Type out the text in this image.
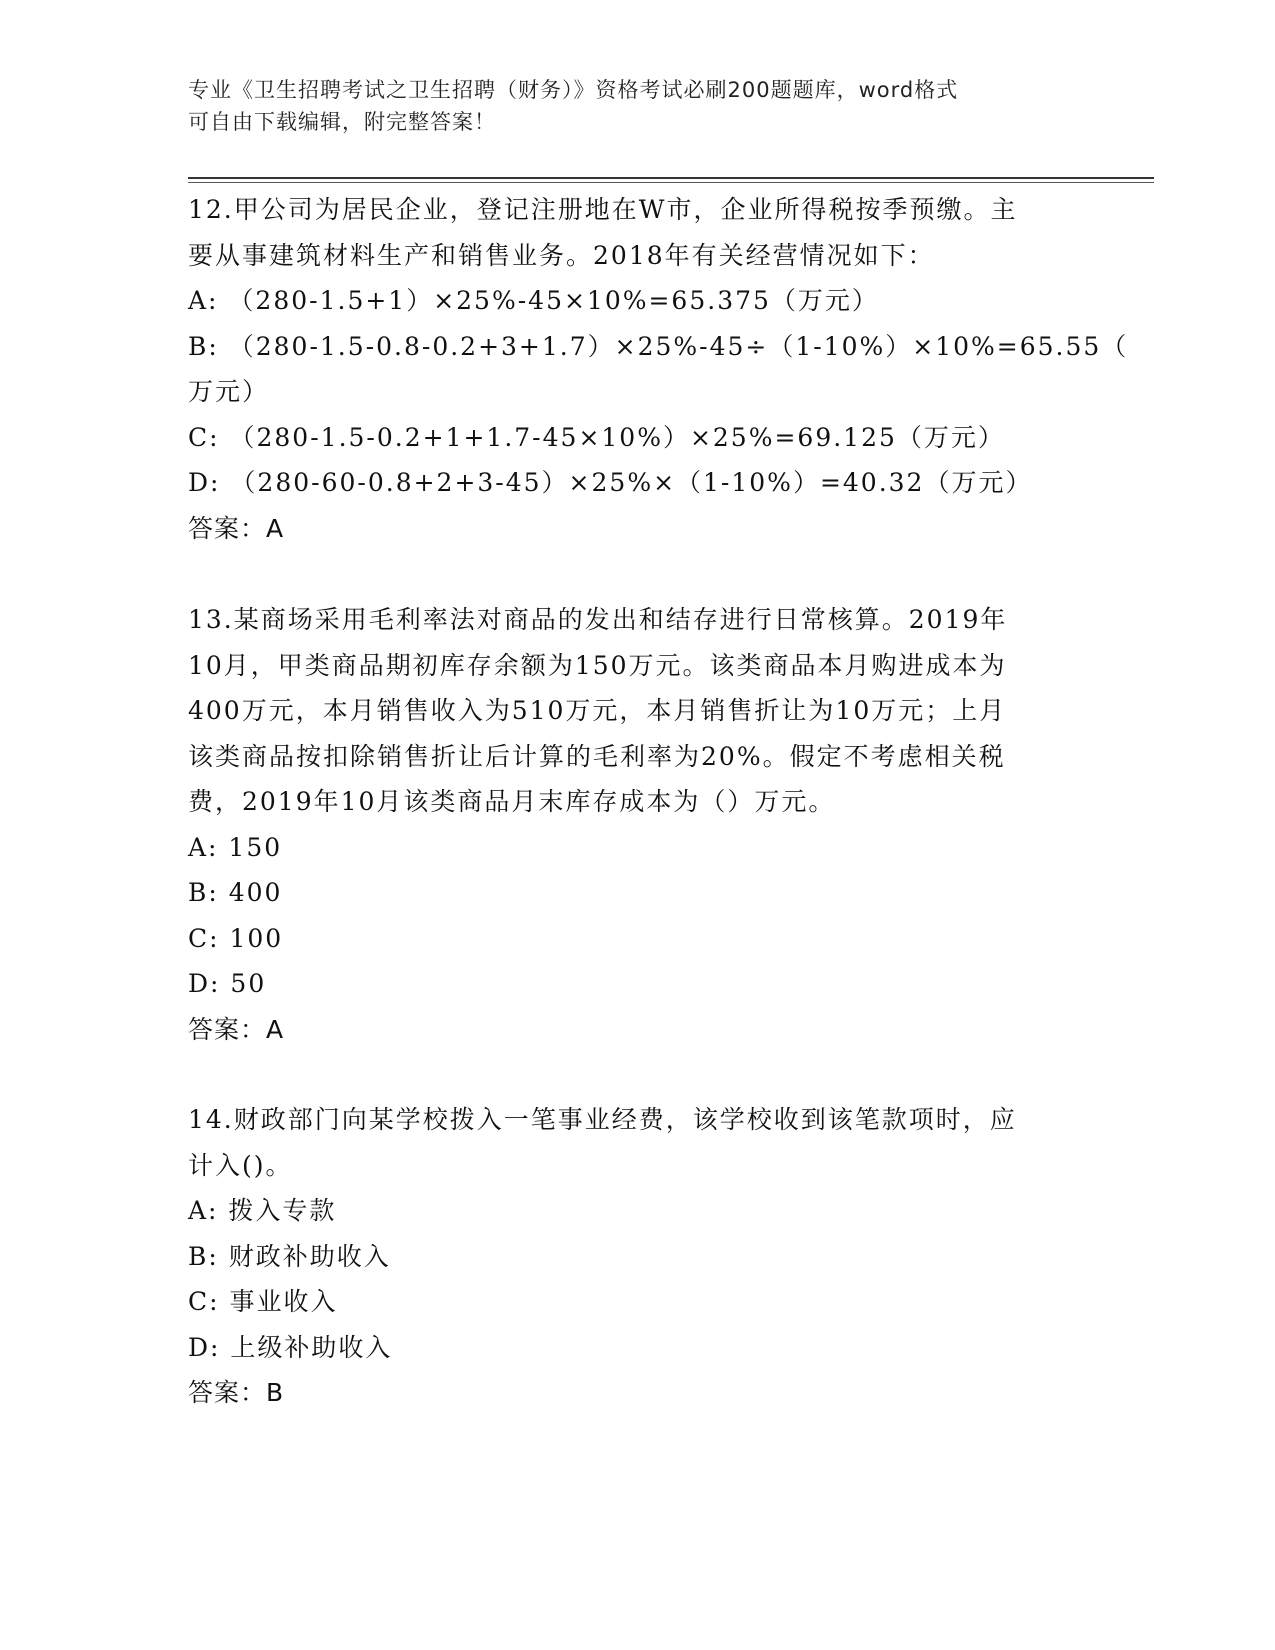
专业《卫生招聘考试之卫生招聘（财务）》资格考试必刷200题题库，word格式
可自由下载编辑，附完整答案！
12.甲公司为居民企业，登记注册地在W市，企业所得税按季预缴。主
要从事建筑材料生产和销售业务。2018年有关经营情况如下：
A: （280-1.5+1）×25%-45×10%=65.375（万元）
B: （280-1.5-0.8-0.2+3+1.7）×25%-45÷（1-10%）×10%=65.55（
万元）
C: （280-1.5-0.2+1+1.7-45×10%）×25%=69.125（万元）
D: （280-60-0.8+2+3-45）×25%×（1-10%）=40.32（万元）
答案：A
13.某商场采用毛利率法对商品的发出和结存进行日常核算。2019年
10月，甲类商品期初库存余额为150万元。该类商品本月购进成本为
400万元，本月销售收入为510万元，本月销售折让为10万元；上月
该类商品按扣除销售折让后计算的毛利率为20%。假定不考虑相关税
费，2019年10月该类商品月末库存成本为（）万元。
A: 150
B: 400
C: 100
D: 50
答案：A
14.财政部门向某学校拨入一笔事业经费，该学校收到该笔款项时，应
计入()。
A: 拨入专款
B: 财政补助收入
C: 事业收入
D: 上级补助收入
答案：B
